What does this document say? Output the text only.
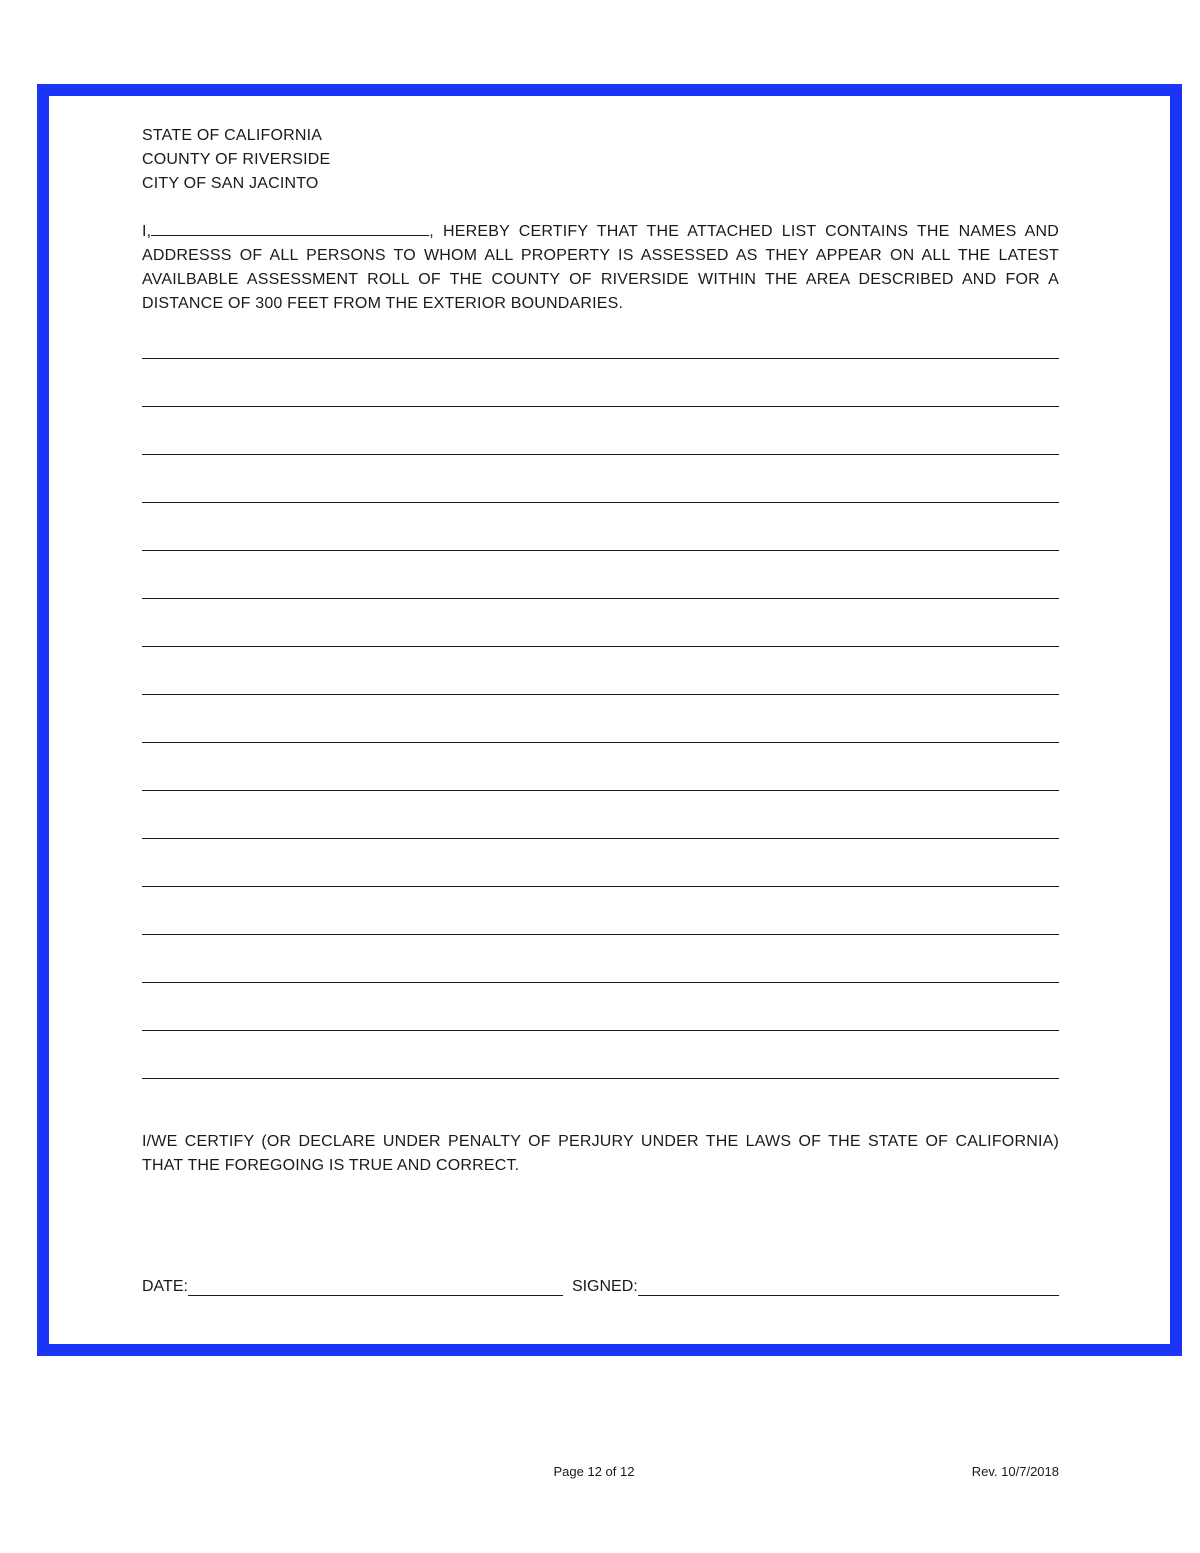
STATE OF CALIFORNIA
COUNTY OF RIVERSIDE
CITY OF SAN JACINTO
I,	, HEREBY CERTIFY THAT THE ATTACHED LIST CONTAINS THE NAMES AND ADDRESSS OF ALL PERSONS TO WHOM ALL PROPERTY IS ASSESSED AS THEY APPEAR ON ALL THE LATEST AVAILBABLE ASSESSMENT ROLL OF THE COUNTY OF RIVERSIDE WITHIN THE AREA DESCRIBED AND FOR A DISTANCE OF 300 FEET FROM THE EXTERIOR BOUNDARIES.
I/WE CERTIFY (OR DECLARE UNDER PENALTY OF PERJURY UNDER THE LAWS OF THE STATE OF CALIFORNIA) THAT THE FOREGOING IS TRUE AND CORRECT.
DATE:	SIGNED:
Page 12 of 12	Rev. 10/7/2018
